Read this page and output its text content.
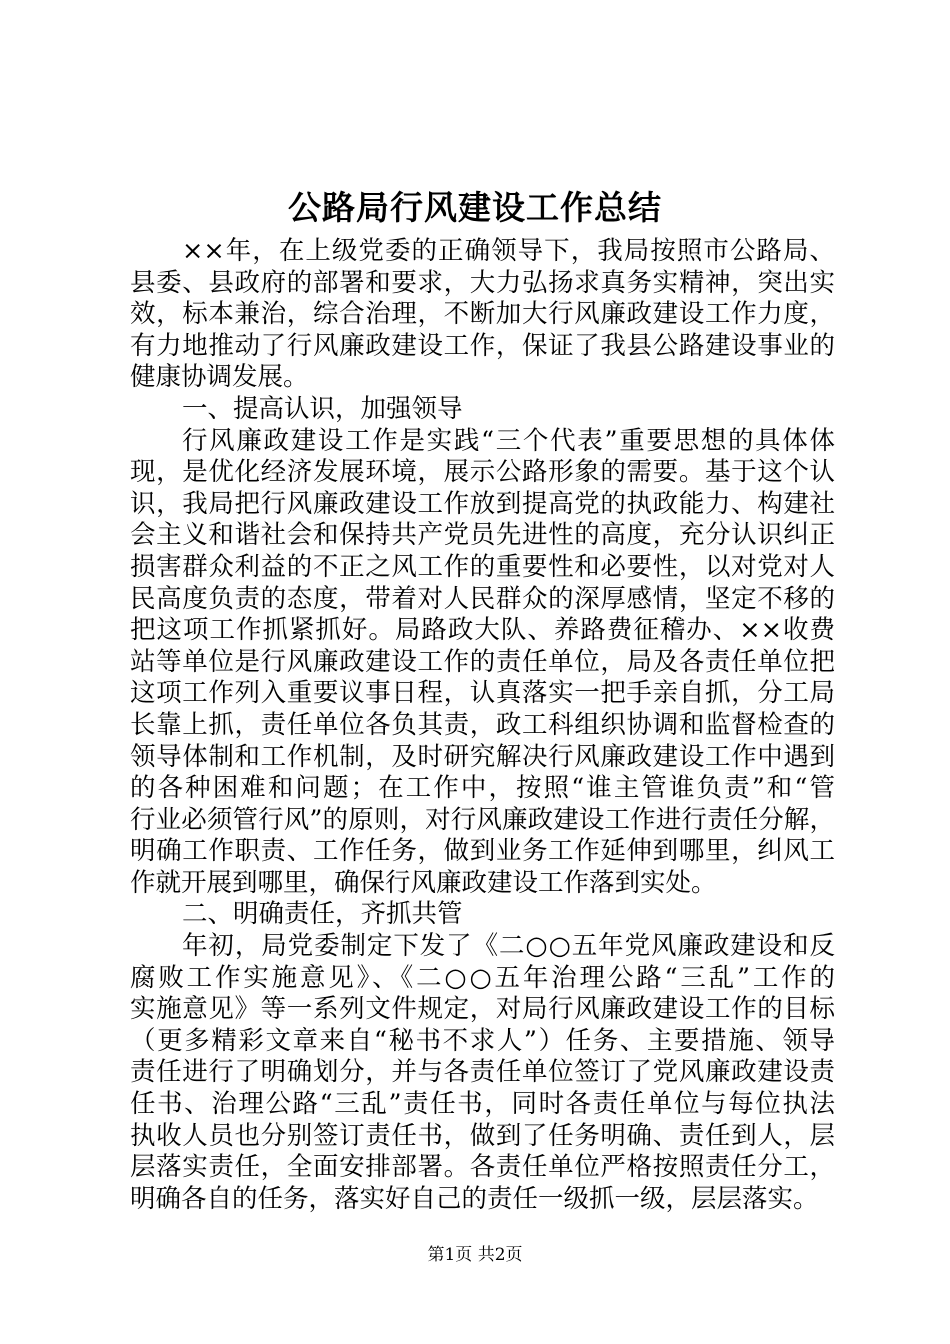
公路局行风建设工作总结
××年，在上级党委的正确领导下，我局按照市公路局、
县委、县政府的部署和要求，大力弘扬求真务实精神，突出实
效，标本兼治，综合治理，不断加大行风廉政建设工作力度，
有力地推动了行风廉政建设工作，保证了我县公路建设事业的
健康协调发展。
一、提高认识，加强领导
行风廉政建设工作是实践“三个代表”重要思想的具体体
现，是优化经济发展环境，展示公路形象的需要。基于这个认
识，我局把行风廉政建设工作放到提高党的执政能力、构建社
会主义和谐社会和保持共产党员先进性的高度，充分认识纠正
损害群众利益的不正之风工作的重要性和必要性，以对党对人
民高度负责的态度，带着对人民群众的深厚感情，坚定不移的
把这项工作抓紧抓好。局路政大队、养路费征稽办、××收费
站等单位是行风廉政建设工作的责任单位，局及各责任单位把
这项工作列入重要议事日程，认真落实一把手亲自抓，分工局
长靠上抓，责任单位各负其责，政工科组织协调和监督检查的
领导体制和工作机制，及时研究解决行风廉政建设工作中遇到
的各种困难和问题；在工作中，按照“谁主管谁负责”和“管
行业必须管行风”的原则，对行风廉政建设工作进行责任分解，
明确工作职责、工作任务，做到业务工作延伸到哪里，纠风工
作就开展到哪里，确保行风廉政建设工作落到实处。
二、明确责任，齐抓共管
年初，局党委制定下发了《二○○五年党风廉政建设和反
腐败工作实施意见》、《二○○五年治理公路“三乱”工作的
实施意见》等一系列文件规定，对局行风廉政建设工作的目标
（更多精彩文章来自“秘书不求人”）任务、主要措施、领导
责任进行了明确划分，并与各责任单位签订了党风廉政建设责
任书、治理公路“三乱”责任书，同时各责任单位与每位执法
执收人员也分别签订责任书，做到了任务明确、责任到人，层
层落实责任，全面安排部署。各责任单位严格按照责任分工，
明确各自的任务，落实好自己的责任一级抓一级，层层落实。
第1页 共2页
